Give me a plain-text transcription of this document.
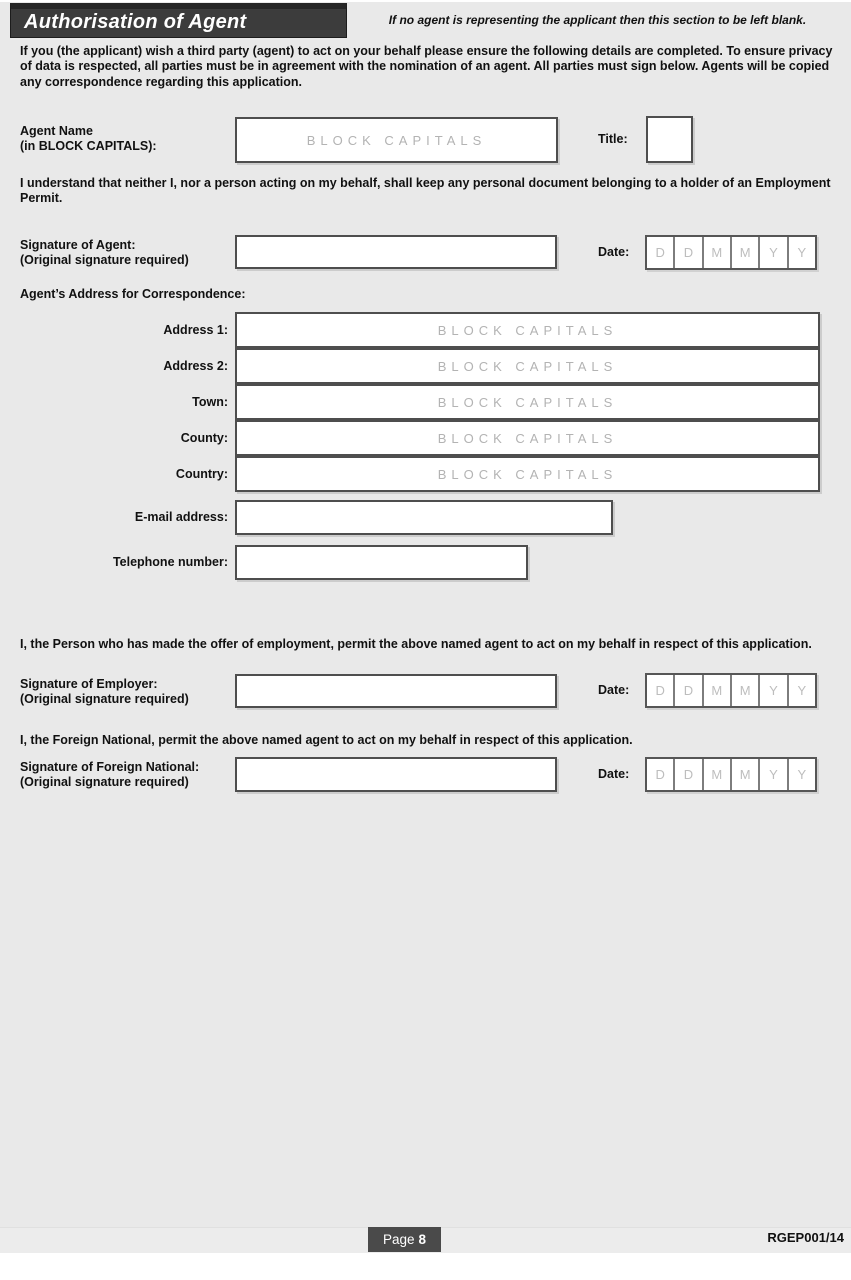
Authorisation of Agent	If no agent is representing the applicant then this section to be left blank.
If you (the applicant) wish a third party (agent) to act on your behalf please ensure the following details are completed. To ensure privacy of data is respected, all parties must be in agreement with the nomination of an agent. All parties must sign below. Agents will be copied any correspondence regarding this application.
Agent Name
(in BLOCK CAPITALS):
BLOCK CAPITALS	Title:
I understand that neither I, nor a person acting on my behalf, shall keep any personal document belonging to a holder of an Employment Permit.
Signature of Agent:
(Original signature required)
Date:	D	D	M	M	Y	Y
Agent’s Address for Correspondence:
Address 1:
BLOCK CAPITALS
Address 2:
BLOCK CAPITALS
Town:
BLOCK CAPITALS
County:
BLOCK CAPITALS
Country:
BLOCK CAPITALS
E-mail address:
Telephone number:
I, the Person who has made the offer of employment, permit the above named agent to act on my behalf in respect of this application.
Signature of Employer:
(Original signature required)
Date:	D	D	M	M	Y	Y
I, the Foreign National, permit the above named agent to act on my behalf in respect of this application.
Signature of Foreign National:
(Original signature required)
Date:	D	D	M	M	Y	Y
Page 8	RGEP001/14
